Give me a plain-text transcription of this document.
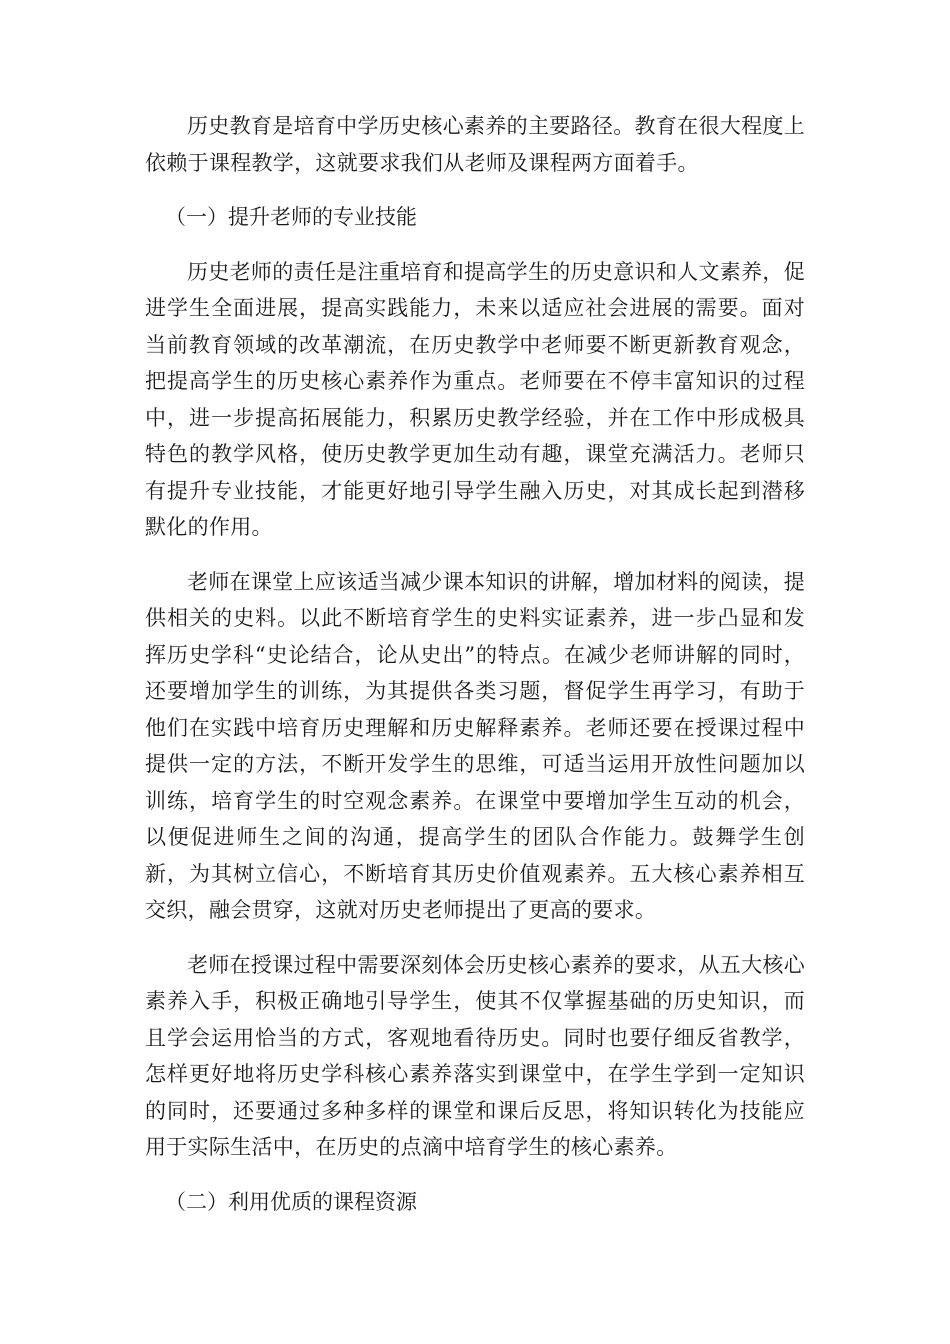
历史教育是培育中学历史核心素养的主要路径。教育在很大程度上依赖于课程教学，这就要求我们从老师及课程两方面着手。

（一）提升老师的专业技能

历史老师的责任是注重培育和提高学生的历史意识和人文素养，促进学生全面进展，提高实践能力，未来以适应社会进展的需要。面对当前教育领域的改革潮流，在历史教学中老师要不断更新教育观念，把提高学生的历史核心素养作为重点。老师要在不停丰富知识的过程中，进一步提高拓展能力，积累历史教学经验，并在工作中形成极具特色的教学风格，使历史教学更加生动有趣，课堂充满活力。老师只有提升专业技能，才能更好地引导学生融入历史，对其成长起到潜移默化的作用。

老师在课堂上应该适当减少课本知识的讲解，增加材料的阅读，提供相关的史料。以此不断培育学生的史料实证素养，进一步凸显和发挥历史学科“史论结合，论从史出”的特点。在减少老师讲解的同时，还要增加学生的训练，为其提供各类习题，督促学生再学习，有助于他们在实践中培育历史理解和历史解释素养。老师还要在授课过程中提供一定的方法，不断开发学生的思维，可适当运用开放性问题加以训练，培育学生的时空观念素养。在课堂中要增加学生互动的机会，以便促进师生之间的沟通，提高学生的团队合作能力。鼓舞学生创新，为其树立信心，不断培育其历史价值观素养。五大核心素养相互交织，融会贯穿，这就对历史老师提出了更高的要求。

老师在授课过程中需要深刻体会历史核心素养的要求，从五大核心素养入手，积极正确地引导学生，使其不仅掌握基础的历史知识，而且学会运用恰当的方式，客观地看待历史。同时也要仔细反省教学，怎样更好地将历史学科核心素养落实到课堂中，在学生学到一定知识的同时，还要通过多种多样的课堂和课后反思，将知识转化为技能应用于实际生活中，在历史的点滴中培育学生的核心素养。

（二）利用优质的课程资源
